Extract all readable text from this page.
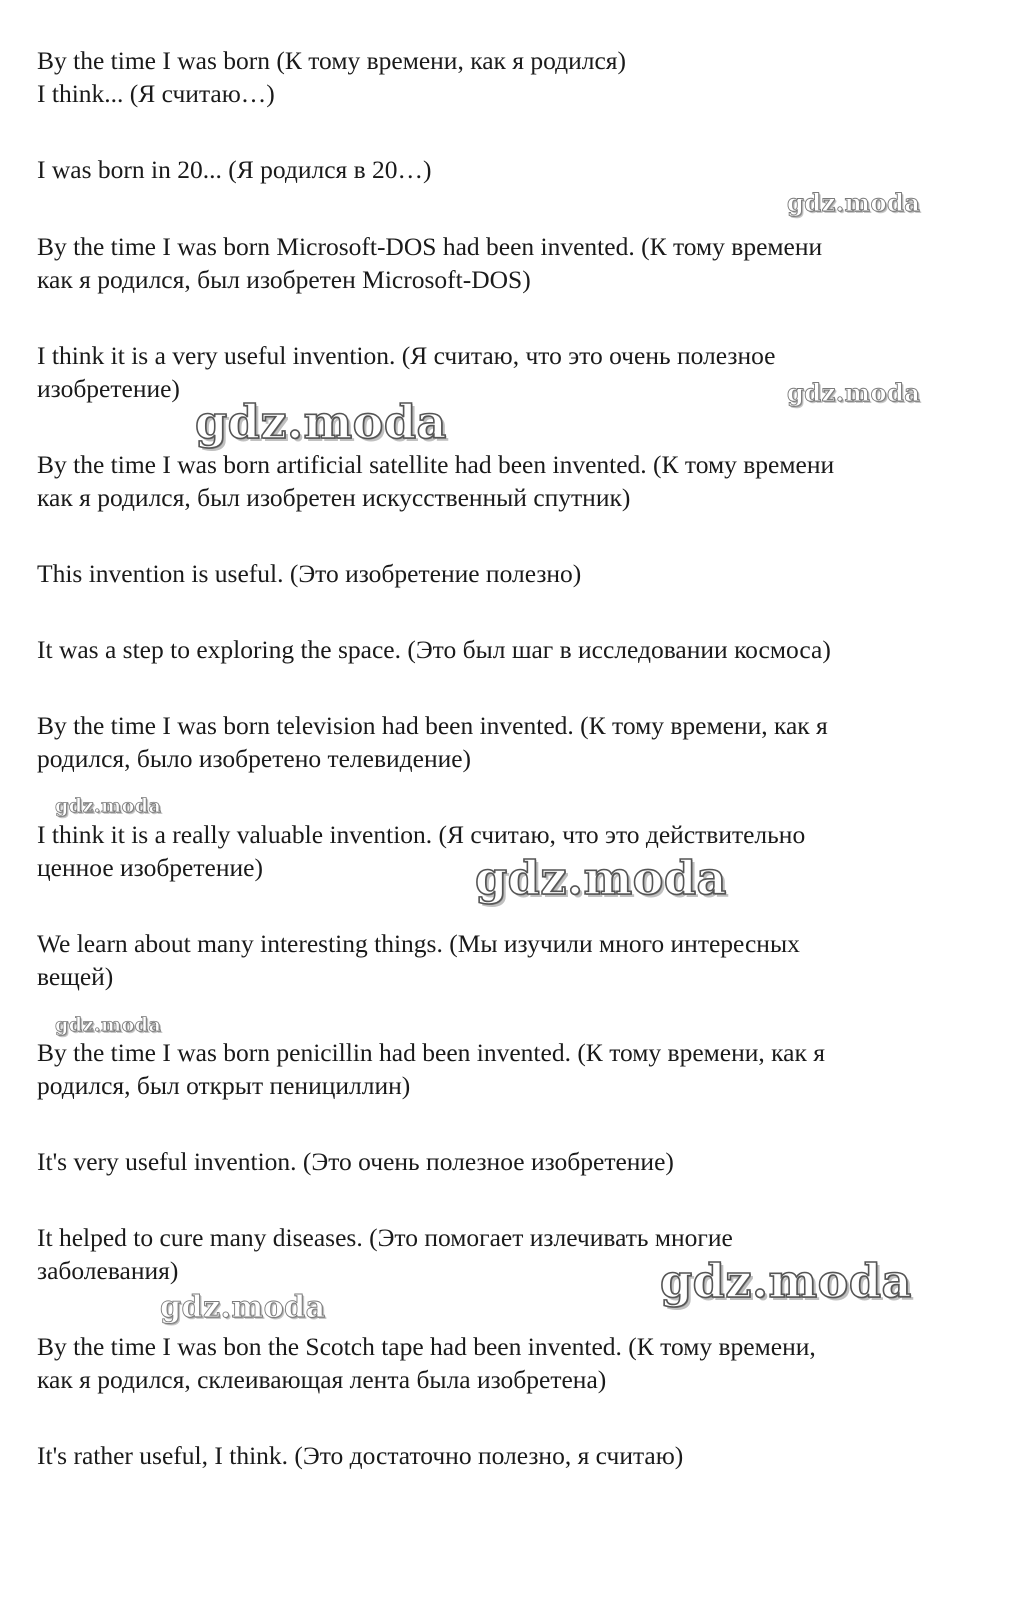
By the time I was born (К тому времени, как я родился)
I think... (Я считаю…)

I was born in 20... (Я родился в 20…)

By the time I was born Microsoft-DOS had been invented. (К тому времени
как я родился, был изобретен Microsoft-DOS)

I think it is a very useful invention. (Я считаю, что это очень полезное
изобретение)

By the time I was born artificial satellite had been invented. (К тому времени
как я родился, был изобретен искусственный спутник)

This invention is useful. (Это изобретение полезно)

It was a step to exploring the space. (Это был шаг в исследовании космоса)

By the time I was born television had been invented. (К тому времени, как я
родился, было изобретено телевидение)

I think it is a really valuable invention. (Я считаю, что это действительно
ценное изобретение)

We learn about many interesting things. (Мы изучили много интересных
вещей)

By the time I was born penicillin had been invented. (К тому времени, как я
родился, был открыт пенициллин)

It's very useful invention. (Это очень полезное изобретение)

It helped to cure many diseases. (Это помогает излечивать многие
заболевания)

By the time I was bon the Scotch tape had been invented. (К тому времени,
как я родился, склеивающая лента была изобретена)

It's rather useful, I think. (Это достаточно полезно, я считаю)

gdz.moda
gdz.moda
gdz.moda
gdz.moda
gdz.moda
gdz.moda
gdz.moda
gdz.moda
